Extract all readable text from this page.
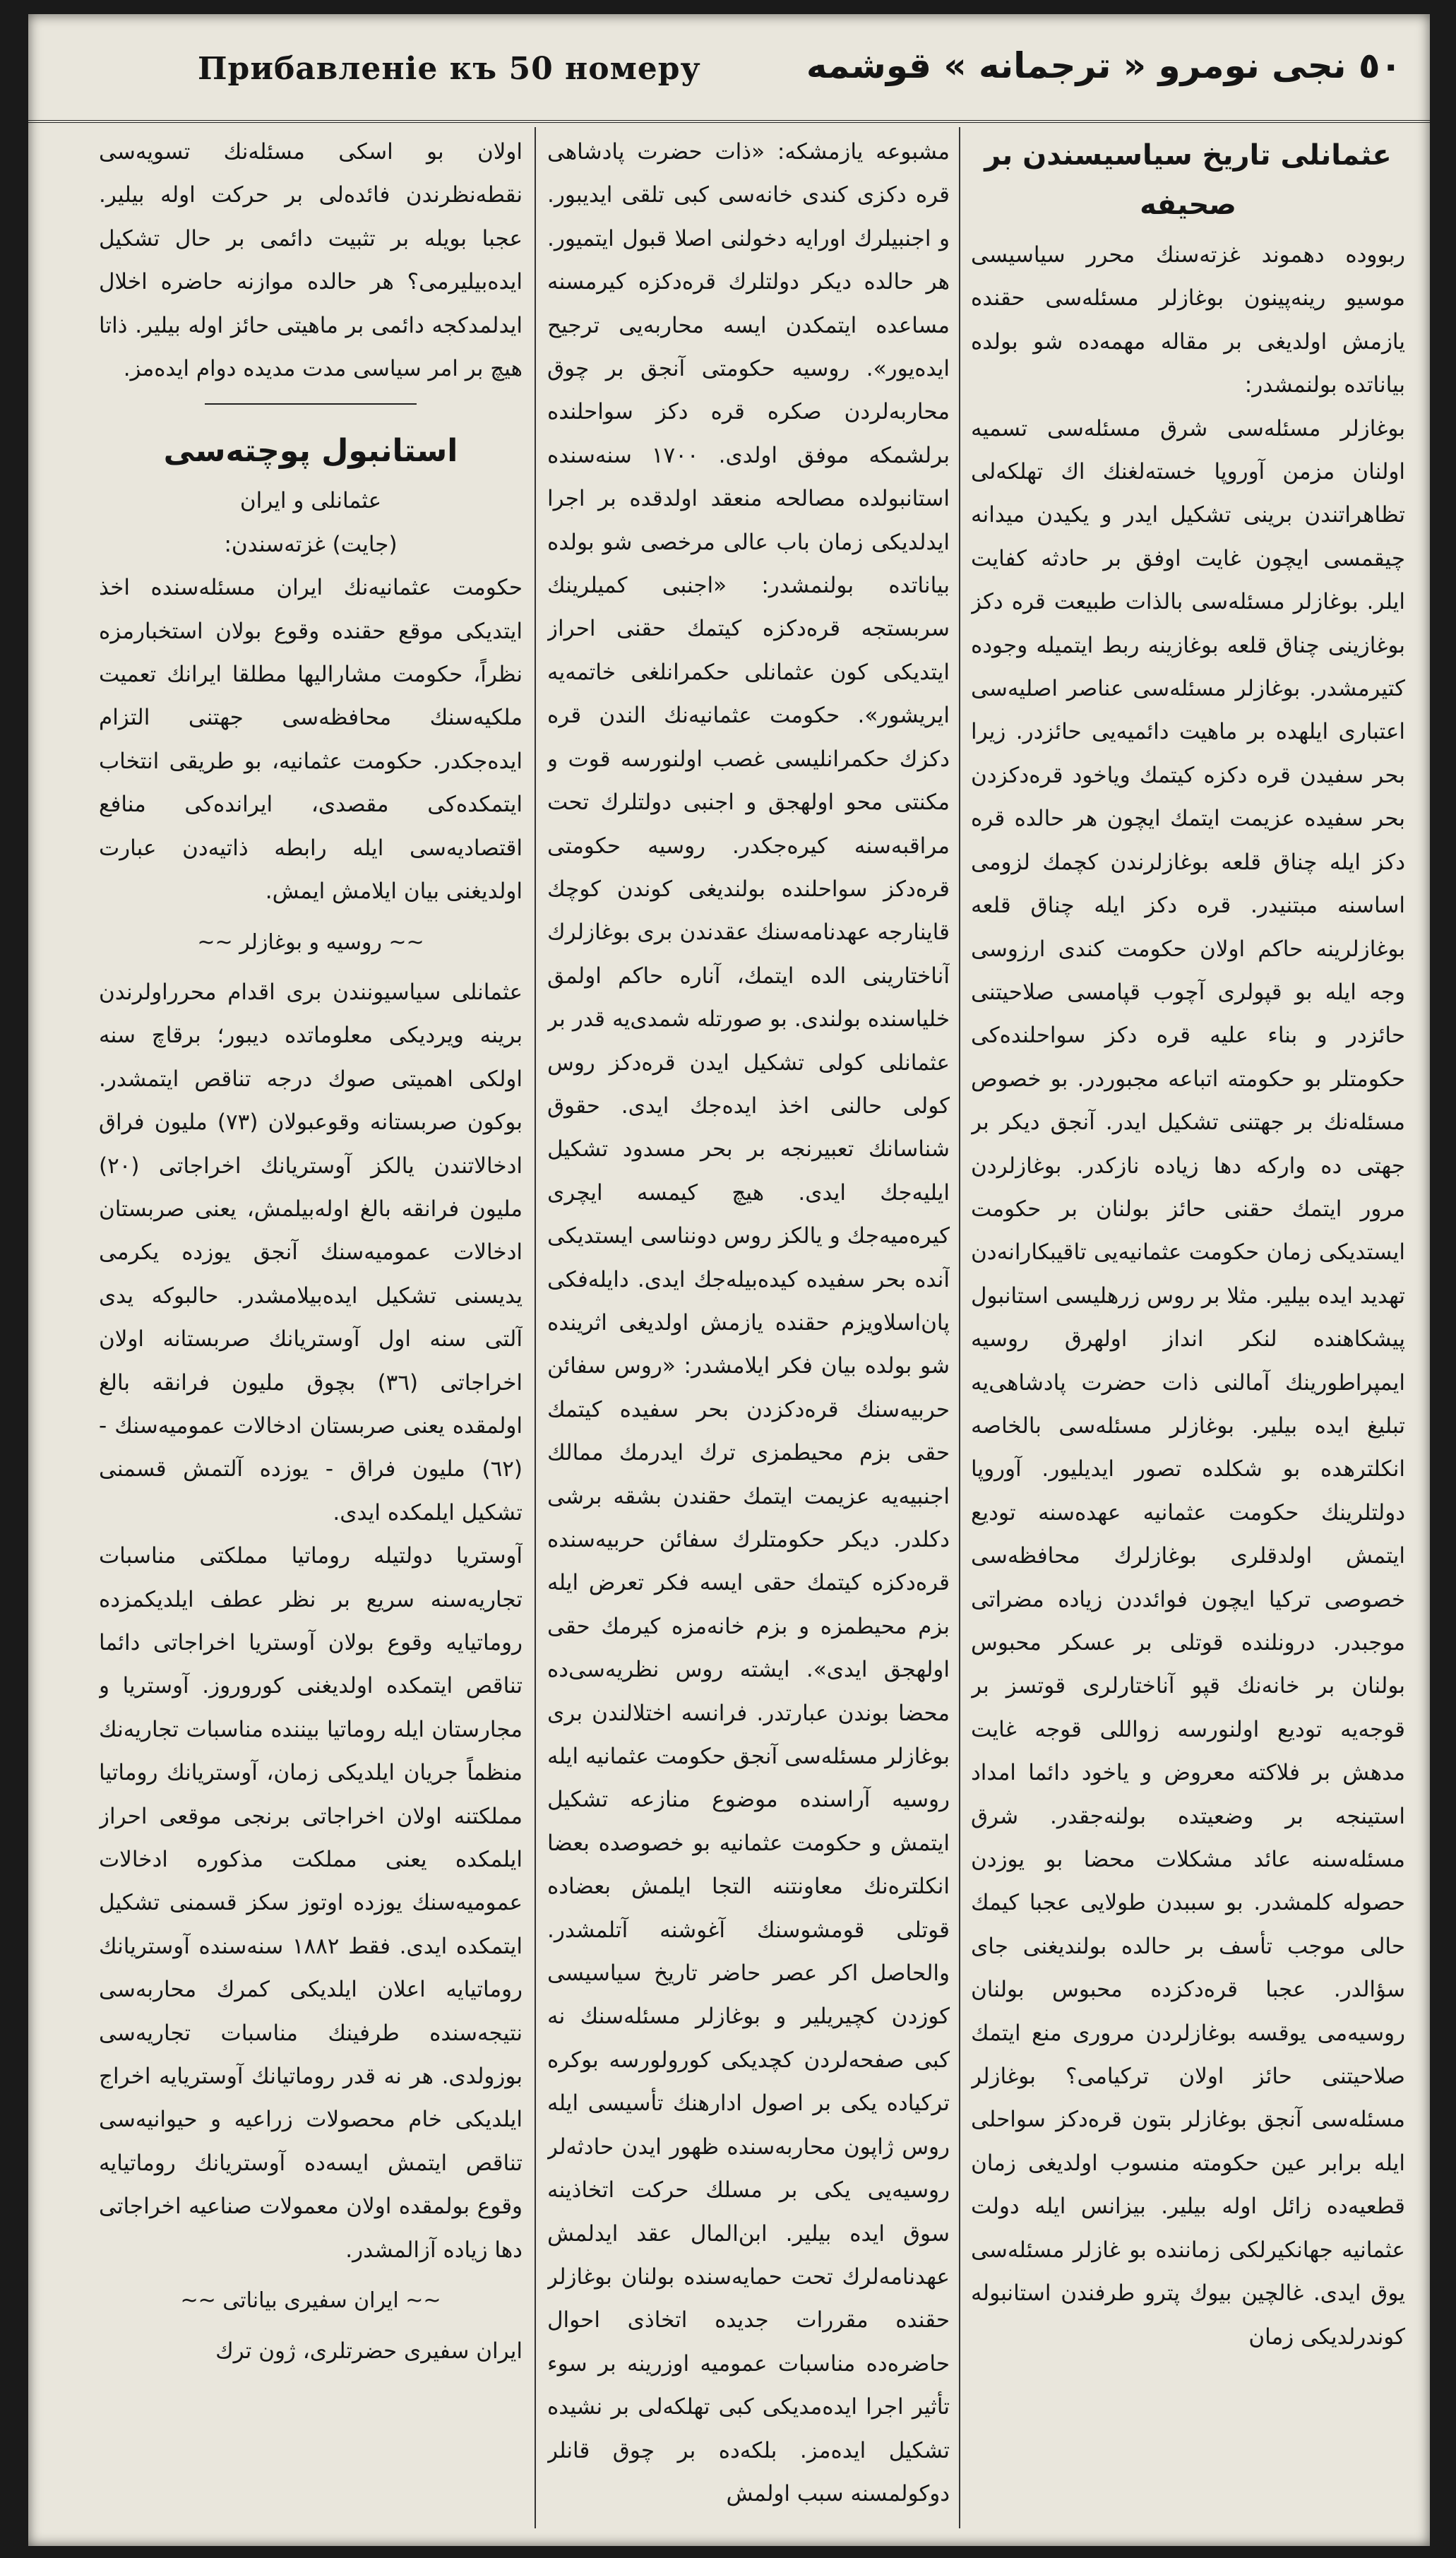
Прибавленіе къ 50 номеру	٥٠ نجی نومرو « ترجمانه » قوشمه
عثمانلی تاریخ سیاسیسندن بر صحیفه

ربووده دهموند غزته‌سنك محرر سیاسیسی موسیو رینه‌پینون بوغازلر مسئله‌سی حقنده یازمش اولدیغی بر مقاله مهمه‌ده شو بولده بیاناتده بولنمشدر:

بوغازلر مسئله‌سی شرق مسئله‌سی تسمیه اولنان مزمن آوروپا خسته‌لغنك اك تهلکه‌لی تظاهراتندن برینی تشکیل ایدر و یکیدن میدانه چیقمسی ایچون غایت اوفق بر حادثه کفایت ایلر. بوغازلر مسئله‌سی بالذات طبیعت قره دکز بوغازینی چناق قلعه بوغازینه ربط ایتمیله وجوده کتیرمشدر. بوغازلر مسئله‌سی عناصر اصلیه‌سی اعتباری ایلهده بر ماهیت دائمیه‌یی حائزدر. زیرا بحر سفیدن قره دکزه کیتمك ویاخود قره‌دکزدن بحر سفیده عزیمت ایتمك ایچون هر حالده قره دکز ایله چناق قلعه بوغازلرندن کچمك لزومی اساسنه مبتنیدر. قره دکز ایله چناق قلعه بوغازلرینه حاکم اولان حکومت کندی ارزوسی وجه ایله بو قپولری آچوب قپامسی صلاحیتنی حائزدر و بناء علیه قره دکز سواحلنده‌کی حکومتلر بو حکومته اتباعه مجبوردر. بو خصوص مسئله‌نك بر جهتنی تشکیل ایدر. آنجق دیکر بر جهتی ده وارکه دها زیاده نازکدر. بوغازلردن مرور ایتمك حقنی حائز بولنان بر حکومت ایستدیکی زمان حکومت عثمانیه‌یی تاقیبکارانه‌دن تهدید ایده بیلیر. مثلا بر روس زرهلیسی استانبول پیشکاهنده لنکر انداز اولهرق روسیه ایمپراطورینك آمالنی ذات حضرت پادشاهی‌یه تبلیغ ایده بیلیر. بوغازلر مسئله‌سی بالخاصه انکلترهده بو شکلده تصور ایدیلیور. آوروپا دولتلرینك حکومت عثمانیه عهده‌سنه تودیع ایتمش اولدقلری بوغازلرك محافظه‌سی خصوصی ترکیا ایچون فوائددن زیاده مضراتی موجبدر. درونلنده قوتلی بر عسکر محبوس بولنان بر خانه‌نك قپو آناختارلری قوتسز بر قوجه‌یه تودیع اولنورسه زواللی قوجه غایت مدهش بر فلاکته معروض و یاخود دائما امداد استینجه بر وضعیتده بولنه‌جقدر. شرق مسئله‌سنه عائد مشکلات محضا بو یوزدن حصوله کلمشدر. بو سببدن طولایی عجبا کیمك حالی موجب تأسف بر حالده بولندیغنی جای سؤالدر. عجبا قره‌دکزده محبوس بولنان روسیه‌می یوقسه بوغازلردن مروری منع ایتمك صلاحیتنی حائز اولان ترکیامی؟ بوغازلر مسئله‌سی آنجق بوغازلر بتون قره‌دکز سواحلی ایله برابر عین حکومته منسوب اولدیغی زمان قطعیه‌ده زائل اوله بیلیر. بیزانس ایله دولت عثمانیه جهانکیرلکی زماننده بو غازلر مسئله‌سی یوق ایدی. غالچین بیوك پترو طرفندن استانبوله کوندرلدیکی زمان

مشبوعه یازمشکه: «ذات حضرت پادشاهی قره دکزی کندی خانه‌سی کبی تلقی ایدیبور. و اجنبیلرك اورایه دخولنی اصلا قبول ایتمیور. هر حالده دیکر دولتلرك قره‌دکزه کیرمسنه مساعده ایتمکدن ایسه محاربه‌یی ترجیح ایده‌یور». روسیه حکومتی آنجق بر چوق محاربه‌لردن صکره قره دکز سواحلنده برلشمکه موفق اولدی. ١٧٠٠ سنه‌سنده استانبولده مصالحه منعقد اولدقده بر اجرا ایدلدیکی زمان باب عالی مرخصی شو بولده بیاناتده بولنمشدر: «اجنبی کمیلرینك سربستجه قره‌دکزه کیتمك حقنی احراز ایتدیکی کون عثمانلی حکمرانلغی خاتمه‌یه ایریشور». حکومت عثمانیه‌نك الندن قره دکزك حکمرانلیسی غصب اولنورسه قوت و مکنتی محو اولهجق و اجنبی دولتلرك تحت مراقبه‌سنه کیره‌جکدر. روسیه حکومتی قره‌دکز سواحلنده بولندیغی کوندن کوچك قاینارجه عهدنامه‌سنك عقدندن بری بوغازلرك آناختارینی الده ایتمك، آناره حاکم اولمق خلیاسنده بولندی. بو صورتله شمدی‌یه قدر بر عثمانلی کولی تشکیل ایدن قره‌دکز روس کولی حالنی اخذ ایده‌جك ایدی. حقوق شناسانك تعبیرنجه بر بحر مسدود تشکیل ایلیه‌جك ایدی. هیچ کیمسه ایچری کیره‌میه‌جك و یالکز روس دونناسی ایستدیکی آنده بحر سفیده کیده‌بیله‌جك ایدی. دایله‌فکی پان‌اسلاویزم حقنده یازمش اولدیغی اثرینده شو بولده بیان فکر ایلامشدر: «روس سفائن حربیه‌سنك قره‌دکزدن بحر سفیده کیتمك حقی بزم محیطمزی ترك ایدرمك ممالك اجنبیه‌یه عزیمت ایتمك حقندن بشقه برشی دکلدر. دیکر حکومتلرك سفائن حربیه‌سنده قره‌دکزه کیتمك حقی ایسه فکر تعرض ایله بزم محیطمزه و بزم خانه‌مزه کیرمك حقی اولهجق ایدی». ایشته روس نظریه‌سی‌ده محضا بوندن عبارتدر. فرانسه اختلالندن بری بوغازلر مسئله‌سی آنجق حکومت عثمانیه ایله روسیه آراسنده موضوع منازعه تشکیل ایتمش و حکومت عثمانیه بو خصوصده بعضا انکلتره‌نك معاونتنه التجا ایلمش بعضاده قوتلی قومشوسنك آغوشنه آتلمشدر. والحاصل اکر عصر حاضر تاریخ سیاسیسی کوزدن کچیریلیر و بوغازلر مسئله‌سنك نه کبی صفحه‌لردن کچدیکی کورولورسه بوکره ترکیاده یکی بر اصول ادارهنك تأسیسی ایله روس ژاپون محاربه‌سنده ظهور ایدن حادثه‌لر روسیه‌یی یکی بر مسلك حرکت اتخاذینه سوق ایده بیلیر. ابن‌المال عقد ایدلمش عهدنامه‌لرك تحت حمایه‌سنده بولنان بوغازلر حقنده مقررات جدیده اتخاذی احوال حاضره‌ده مناسبات عمومیه اوزرینه بر سوء تأثیر اجرا ایده‌مدیکی کبی تهلکه‌لی بر نشیده تشکیل ایده‌مز. بلکه‌ده بر چوق قانلر دوکولمسنه سبب اولمش

اولان بو اسکی مسئله‌نك تسویه‌سی نقطه‌نظرندن فائده‌لی بر حرکت اوله بیلیر. عجبا بویله بر تثبیت دائمی بر حال تشکیل ایده‌بیلیرمی؟ هر حالده موازنه حاضره اخلال ایدلمدکجه دائمی بر ماهیتی حائز اوله بیلیر. ذاتا هیچ بر امر سیاسی مدت مدیده دوام ایده‌مز.

استانبول پوچته‌سی
عثمانلی و ایران
(جایت) غزته‌سندن:

حکومت عثمانیه‌نك ایران مسئله‌سنده اخذ ایتدیکی موقع حقنده وقوع بولان استخبارمزه نظراً، حکومت مشارالیها مطلقا ایرانك تعمیت ملکیه‌سنك محافظه‌سی جهتنی التزام ایده‌جکدر. حکومت عثمانیه، بو طریقی انتخاب ایتمکده‌کی مقصدی، ایرانده‌کی منافع اقتصادیه‌سی ایله رابطه ذاتیه‌دن عبارت اولدیغنی بیان ایلامش ایمش.

~~ روسیه و بوغازلر ~~

عثمانلی سیاسیونندن بری اقدام محرراولرندن برینه ویردیکی معلوماتده دیبور؛ برقاچ سنه اولکی اهمیتی صوك درجه تناقص ایتمشدر. بوکون صربستانه وقوعبولان (٧٣) ملیون فراق ادخالاتندن یالکز آوستریانك اخراجاتی (٢٠) ملیون فرانقه بالغ اوله‌بیلمش، یعنی صربستان ادخالات عمومیه‌سنك آنجق یوزده یکرمی یدیسنی تشکیل ایده‌بیلامشدر. حالبوکه یدی آلتی سنه اول آوستریانك صربستانه اولان اخراجاتی (٣٦) بچوق ملیون فرانقه بالغ اولمقده یعنی صربستان ادخالات عمومیه‌سنك - (٦٢) ملیون فراق - یوزده آلتمش قسمنی تشکیل ایلمکده ایدی.

آوستریا دولتیله روماتیا مملکتی مناسبات تجاریه‌سنه سریع بر نظر عطف ایلدیکمزده روماتیایه وقوع بولان آوستریا اخراجاتی دائما تناقص ایتمکده اولدیغنی کوروروز. آوستریا و مجارستان ایله روماتیا بیننده مناسبات تجاریه‌نك منظماً جریان ایلدیکی زمان، آوستریانك روماتیا مملکتنه اولان اخراجاتی برنجی موقعی احراز ایلمکده یعنی مملکت مذکوره ادخالات عمومیه‌سنك یوزده اوتوز سکز قسمنی تشکیل ایتمکده ایدی. فقط ١٨٨٢ سنه‌سنده آوستریانك روماتیایه اعلان ایلدیکی کمرك محاربه‌سی نتیجه‌سنده طرفینك مناسبات تجاریه‌سی بوزولدی. هر نه قدر روماتیانك آوستریایه اخراج ایلدیکی خام محصولات زراعیه و حیوانیه‌سی تناقص ایتمش ایسه‌ده آوستریانك روماتیایه وقوع بولمقده اولان معمولات صناعیه اخراجاتی دها زیاده آزالمشدر.

~~ ایران سفیری بیاناتی ~~

ایران سفیری حضرتلری، ژون ترك
